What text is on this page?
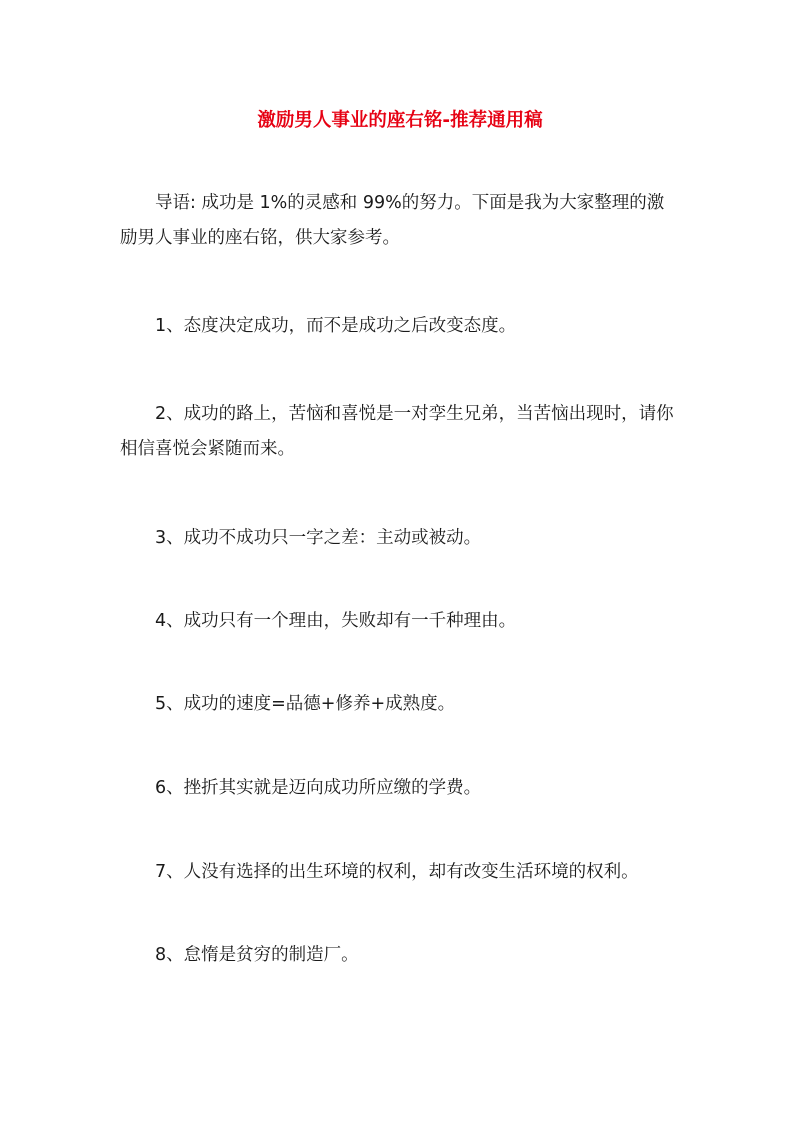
激励男人事业的座右铭-推荐通用稿

导语: 成功是 1%的灵感和 99%的努力。下面是我为大家整理的激励男人事业的座右铭，供大家参考。

1、态度决定成功，而不是成功之后改变态度。

2、成功的路上，苦恼和喜悦是一对孪生兄弟，当苦恼出现时，请你相信喜悦会紧随而来。

3、成功不成功只一字之差：主动或被动。

4、成功只有一个理由，失败却有一千种理由。

5、成功的速度=品德+修养+成熟度。

6、挫折其实就是迈向成功所应缴的学费。

7、人没有选择的出生环境的权利，却有改变生活环境的权利。

8、怠惰是贫穷的制造厂。
